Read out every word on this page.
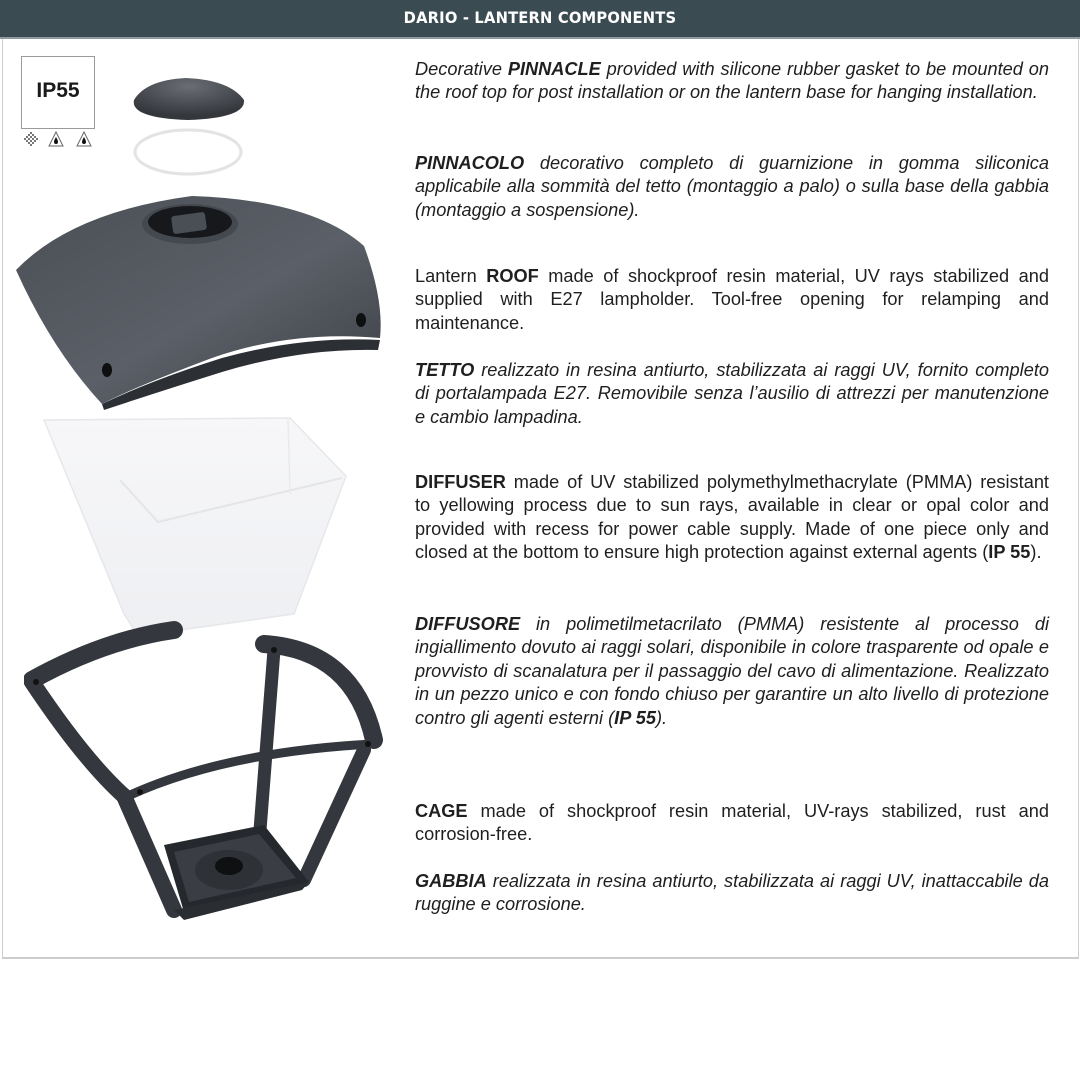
DARIO - LANTERN COMPONENTS
IP55

Decorative PINNACLE provided with silicone rubber gasket to be mounted on the roof top for post installation or on the lantern base for hanging installation.

PINNACOLO decorativo completo di guarnizione in gomma siliconica applicabile alla sommità del tetto (montaggio a palo) o sulla base della gabbia (montaggio a sospensione).

Lantern ROOF made of shockproof resin material, UV rays stabilized and supplied with E27 lampholder. Tool-free opening for relamping and maintenance.

TETTO realizzato in resina antiurto, stabilizzata ai raggi UV, fornito completo di portalampada E27. Removibile senza l’ausilio di attrezzi per manutenzione e cambio lampadina.

DIFFUSER made of UV stabilized polymethylmethacrylate (PMMA) resistant to yellowing process due to sun rays, available in clear or opal color and provided with recess for power cable supply. Made of one piece only and closed at the bottom to ensure high protection against external agents (IP 55).

DIFFUSORE in polimetilmetacrilato (PMMA) resistente al processo di ingiallimento dovuto ai raggi solari, disponibile in colore trasparente od opale e provvisto di scanalatura per il passaggio del cavo di alimentazione. Realizzato in un pezzo unico e con fondo chiuso per garantire un alto livello di protezione contro gli agenti esterni (IP 55).

CAGE made of shockproof resin material, UV-rays stabilized, rust and corrosion-free.

GABBIA realizzata in resina antiurto, stabilizzata ai raggi UV, inattaccabile da ruggine e corrosione.
